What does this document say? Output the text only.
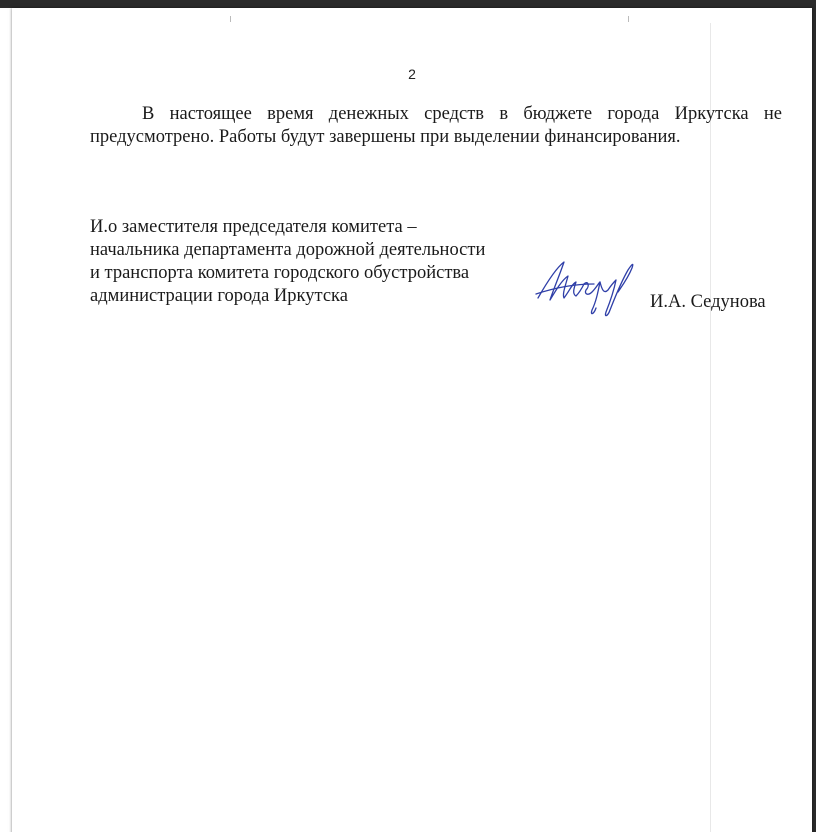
2

В настоящее время денежных средств в бюджете города Иркутска не предусмотрено. Работы будут завершены при выделении финансирования.

И.о заместителя председателя комитета –
начальника департамента дорожной деятельности
и транспорта комитета городского обустройства
администрации города Иркутска	И.А. Седунова
